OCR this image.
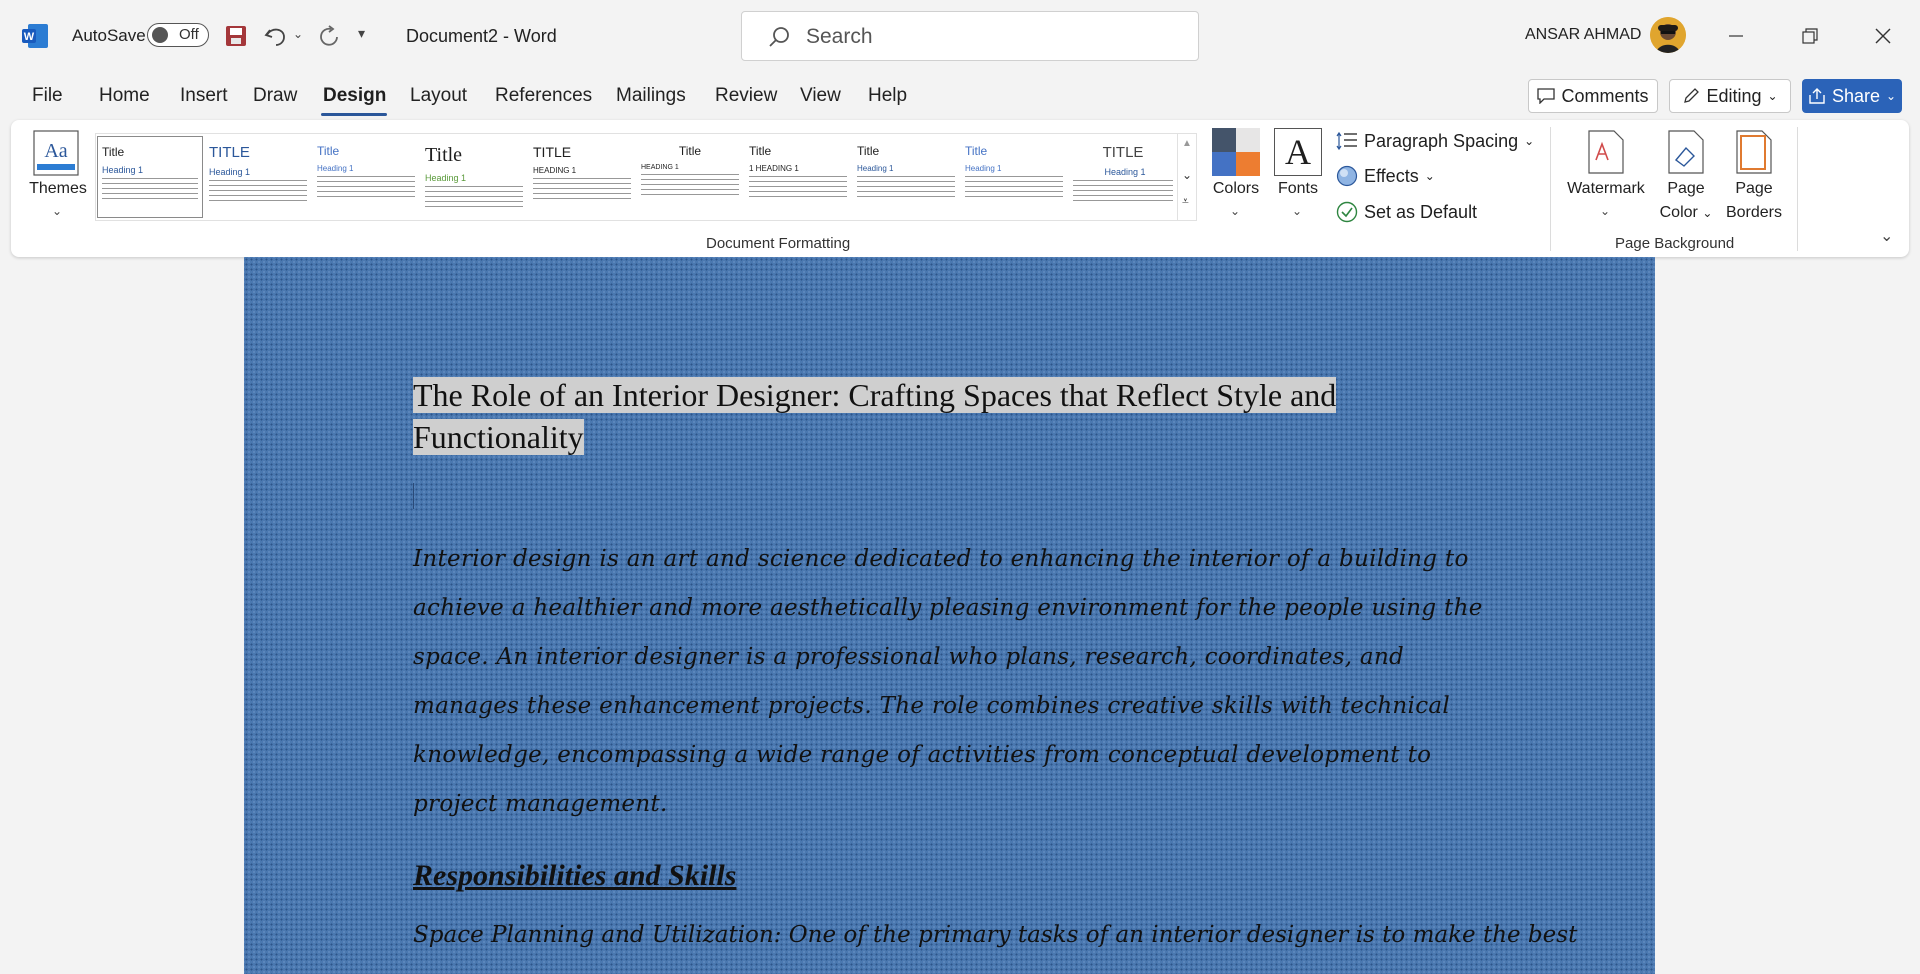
W AutoSave Off	⌄	▾ Document2 - Word	Search	ANSAR AHMAD
File Home Insert Draw Design Layout References Mailings Review View Help	Comments	Editing ⌄	Share ⌄
Aa
Themes
⌄
Title
Heading 1
TITLE
Heading 1
Title
Heading 1
Title
Heading 1
TITLE
HEADING 1
Title
HEADING 1
Title
1 HEADING 1
Title
Heading 1
Title
Heading 1
TITLE
Heading 1
▲
⌄
⩡
Colors
⌄
A
Fonts
⌄
Paragraph Spacing ⌄
Effects ⌄
Set as Default
Document Formatting
Watermark
⌄
Page
Color ⌄
Page
Borders
Page Background	⌄
The Role of an Interior Designer: Crafting Spaces that Reflect Style and Functionality
Interior design is an art and science dedicated to enhancing the interior of a building to achieve a healthier and more aesthetically pleasing environment for the people using the space. An interior designer is a professional who plans, research, coordinates, and manages these enhancement projects. The role combines creative skills with technical knowledge, encompassing a wide range of activities from conceptual development to project management.
Responsibilities and Skills
Space Planning and Utilization: One of the primary tasks of an interior designer is to make the best
